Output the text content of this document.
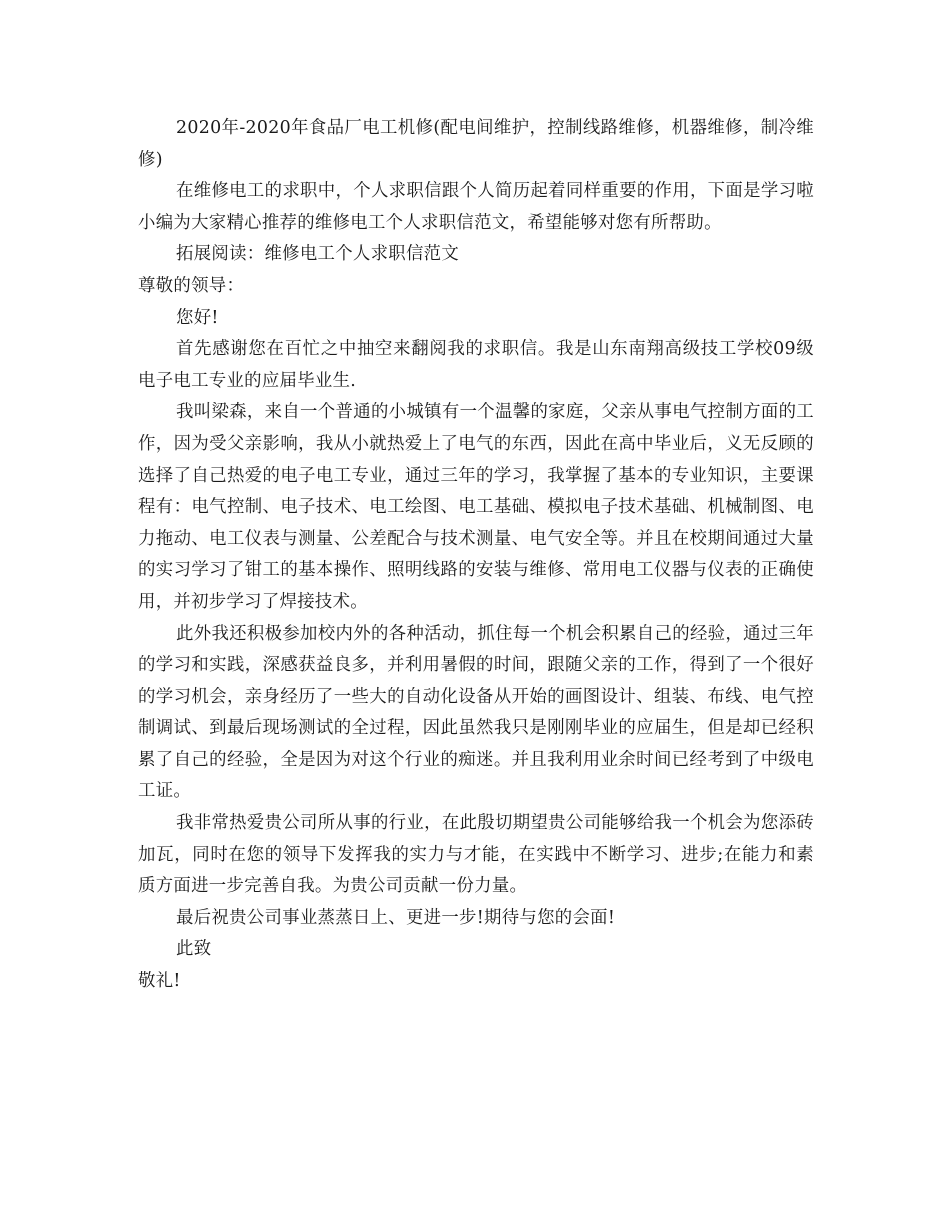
2020年-2020年食品厂电工机修(配电间维护，控制线路维修，机器维修，制冷维修)

在维修电工的求职中，个人求职信跟个人简历起着同样重要的作用，下面是学习啦小编为大家精心推荐的维修电工个人求职信范文，希望能够对您有所帮助。

拓展阅读：维修电工个人求职信范文

尊敬的领导：

您好!

首先感谢您在百忙之中抽空来翻阅我的求职信。我是山东南翔高级技工学校09级电子电工专业的应届毕业生.

我叫梁森，来自一个普通的小城镇有一个温馨的家庭，父亲从事电气控制方面的工作，因为受父亲影响，我从小就热爱上了电气的东西，因此在高中毕业后，义无反顾的选择了自己热爱的电子电工专业，通过三年的学习，我掌握了基本的专业知识，主要课程有：电气控制、电子技术、电工绘图、电工基础、模拟电子技术基础、机械制图、电力拖动、电工仪表与测量、公差配合与技术测量、电气安全等。并且在校期间通过大量的实习学习了钳工的基本操作、照明线路的安装与维修、常用电工仪器与仪表的正确使用，并初步学习了焊接技术。

此外我还积极参加校内外的各种活动，抓住每一个机会积累自己的经验，通过三年的学习和实践，深感获益良多，并利用暑假的时间，跟随父亲的工作，得到了一个很好的学习机会，亲身经历了一些大的自动化设备从开始的画图设计、组装、布线、电气控制调试、到最后现场测试的全过程，因此虽然我只是刚刚毕业的应届生，但是却已经积累了自己的经验，全是因为对这个行业的痴迷。并且我利用业余时间已经考到了中级电工证。

我非常热爱贵公司所从事的行业，在此殷切期望贵公司能够给我一个机会为您添砖加瓦，同时在您的领导下发挥我的实力与才能，在实践中不断学习、进步;在能力和素质方面进一步完善自我。为贵公司贡献一份力量。

最后祝贵公司事业蒸蒸日上、更进一步!期待与您的会面!

此致

敬礼!
